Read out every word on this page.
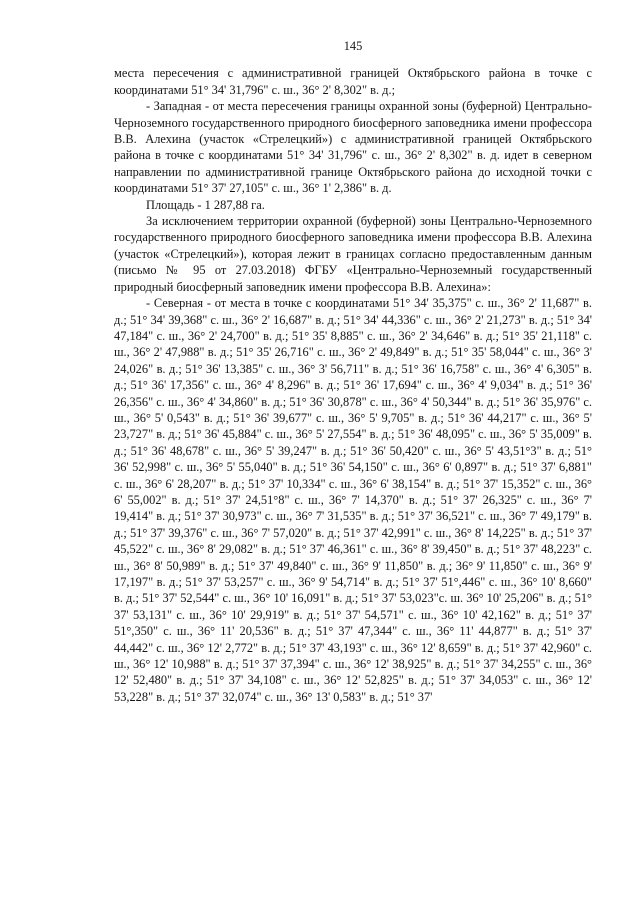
145

места пересечения с административной границей Октябрьского района в точке с координатами 51° 34' 31,796" с. ш., 36° 2' 8,302" в. д.;

- Западная - от места пересечения границы охранной зоны (буферной) Центрально-Черноземного государственного природного биосферного заповедника имени профессора В.В. Алехина (участок «Стрелецкий») с административной границей Октябрьского района в точке с координатами 51° 34' 31,796" с. ш., 36° 2' 8,302" в. д. идет в северном направлении по административной границе Октябрьского района до исходной точки с координатами 51° 37' 27,105" с. ш., 36° 1' 2,386" в. д.

Площадь - 1 287,88 га.

За исключением территории охранной (буферной) зоны Центрально-Черноземного государственного природного биосферного заповедника имени профессора В.В. Алехина (участок «Стрелецкий»), которая лежит в границах согласно предоставленным данным (письмо № 95 от 27.03.2018) ФГБУ «Центрально-Черноземный государственный природный биосферный заповедник имени профессора В.В. Алехина»:

- Северная - от места в точке с координатами 51° 34' 35,375" с. ш., 36° 2' 11,687" в. д.; 51° 34' 39,368" с. ш., 36° 2' 16,687" в. д.; 51° 34' 44,336" с. ш., 36° 2' 21,273" в. д.; 51° 34' 47,184" с. ш., 36° 2' 24,700" в. д.; 51° 35' 8,885" с. ш., 36° 2' 34,646" в. д.; 51° 35' 21,118" с. ш., 36° 2' 47,988" в. д.; 51° 35' 26,716" с. ш., 36° 2' 49,849" в. д.; 51° 35' 58,044" с. ш., 36° 3' 24,026" в. д.; 51° 36' 13,385" с. ш., 36° 3' 56,711" в. д.; 51° 36' 16,758" с. ш., 36° 4' 6,305" в. д.; 51° 36' 17,356" с. ш., 36° 4' 8,296" в. д.; 51° 36' 17,694" с. ш., 36° 4' 9,034" в. д.; 51° 36' 26,356" с. ш., 36° 4' 34,860" в. д.; 51° 36' 30,878" с. ш., 36° 4' 50,344" в. д.; 51° 36' 35,976" с. ш., 36° 5' 0,543" в. д.; 51° 36' 39,677" с. ш., 36° 5' 9,705" в. д.; 51° 36' 44,217" с. ш., 36° 5' 23,727" в. д.; 51° 36' 45,884" с. ш., 36° 5' 27,554" в. д.; 51° 36' 48,095" с. ш., 36° 5' 35,009" в. д.; 51° 36' 48,678" с. ш., 36° 5' 39,247" в. д.; 51° 36' 50,420" с. ш., 36° 5' 43,51°3" в. д.; 51° 36' 52,998" с. ш., 36° 5' 55,040" в. д.; 51° 36' 54,150" с. ш., 36° 6' 0,897" в. д.; 51° 37' 6,881" с. ш., 36° 6' 28,207" в. д.; 51° 37' 10,334" с. ш., 36° 6' 38,154" в. д.; 51° 37' 15,352" с. ш., 36° 6' 55,002" в. д.; 51° 37' 24,51°8" с. ш., 36° 7' 14,370" в. д.; 51° 37' 26,325" с. ш., 36° 7' 19,414" в. д.; 51° 37' 30,973" с. ш., 36° 7' 31,535" в. д.; 51° 37' 36,521" с. ш., 36° 7' 49,179" в. д.; 51° 37' 39,376" с. ш., 36° 7' 57,020" в. д.; 51° 37' 42,991" с. ш., 36° 8' 14,225" в. д.; 51° 37' 45,522" с. ш., 36° 8' 29,082" в. д.; 51° 37' 46,361" с. ш., 36° 8' 39,450" в. д.; 51° 37' 48,223" с. ш., 36° 8' 50,989" в. д.; 51° 37' 49,840" с. ш., 36° 9' 11,850" в. д.; 36° 9' 11,850" с. ш., 36° 9' 17,197" в. д.; 51° 37' 53,257" с. ш., 36° 9' 54,714" в. д.; 51° 37' 51°,446" с. ш., 36° 10' 8,660" в. д.; 51° 37' 52,544" с. ш., 36° 10' 16,091" в. д.; 51° 37' 53,023"с. ш. 36° 10' 25,206" в. д.; 51° 37' 53,131" с. ш., 36° 10' 29,919" в. д.; 51° 37' 54,571" с. ш., 36° 10' 42,162" в. д.; 51° 37' 51°,350" с. ш., 36° 11' 20,536" в. д.; 51° 37' 47,344" с. ш., 36° 11' 44,877" в. д.; 51° 37' 44,442" с. ш., 36° 12' 2,772" в. д.; 51° 37' 43,193" с. ш., 36° 12' 8,659" в. д.; 51° 37' 42,960" с. ш., 36° 12' 10,988" в. д.; 51° 37' 37,394" с. ш., 36° 12' 38,925" в. д.; 51° 37' 34,255" с. ш., 36° 12' 52,480" в. д.; 51° 37' 34,108" с. ш., 36° 12' 52,825" в. д.; 51° 37' 34,053" с. ш., 36° 12' 53,228" в. д.; 51° 37' 32,074" с. ш., 36° 13' 0,583" в. д.; 51° 37'
